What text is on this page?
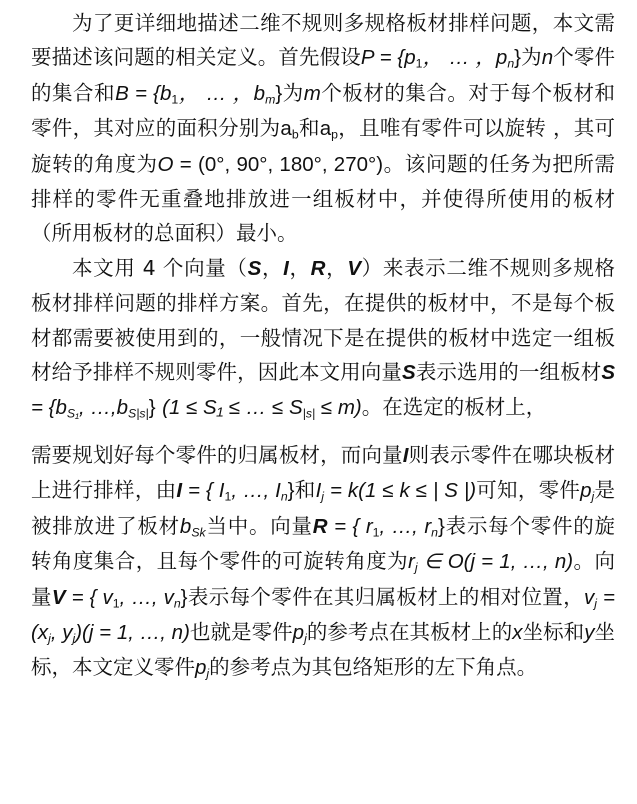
为了更详细地描述二维不规则多规格板材排样问题，本文需要描述该问题的相关定义。首先假设$P = \{p_1$， … ，$p_n$}为n个零件的集合和$B = \{b_1$， … ，$b_m$}为m个板材的集合。对于每个板材和零件，其对应的面积分别为$a_b$和$a_p$，且唯有零件可以旋转 ，其可旋转的角度为O = (0°, 90°, 180°, 270°)。该问题的任务为把所需排样的零件无重叠地排放进一组板材中，并使得所使用的板材（所用板材的总面积）最小。

本文用 4 个向量（S，I，R，V）来表示二维不规则多规格板材排样问题的排样方案。首先，在提供的板材中，不是每个板材都需要被使用到的，一般情况下是在提供的板材中选定一组板材给予排样不规则零件，因此本文用向量S表示选用的一组板材$S = \{b_{S_1}$, $\dots,b_{S|s|}$} (1 ≤ S₁ ≤ … ≤ $S_{|s|} \le m$)。在选定的板材上，

需要规划好每个零件的归属板材，而向量I则表示零件在哪块板材上进行排样，由I = { $I_1$, …, $I_n$}和$I_j = k(1 \le k$ ≤ | S |)可知，零件$p_j$是被排放进了板材$b_{Sk}$当中。向量R = { $r_1$, …, $r_n$}表示每个零件的旋转角度集合，且每个零件的可旋转角度为$r_j$ ∈ O(j = 1, …, n)。向量V = { $v_1$, …, $v_n$}表示每个零件在其归属板材上的相对位置，$v_j = (x_j$, $y_j)(j = 1$, …, n)也就是零件$p_j$的参考点在其板材上的x坐标和y坐标，本文定义零件$p_j$的参考点为其包络矩形的左下角点。
